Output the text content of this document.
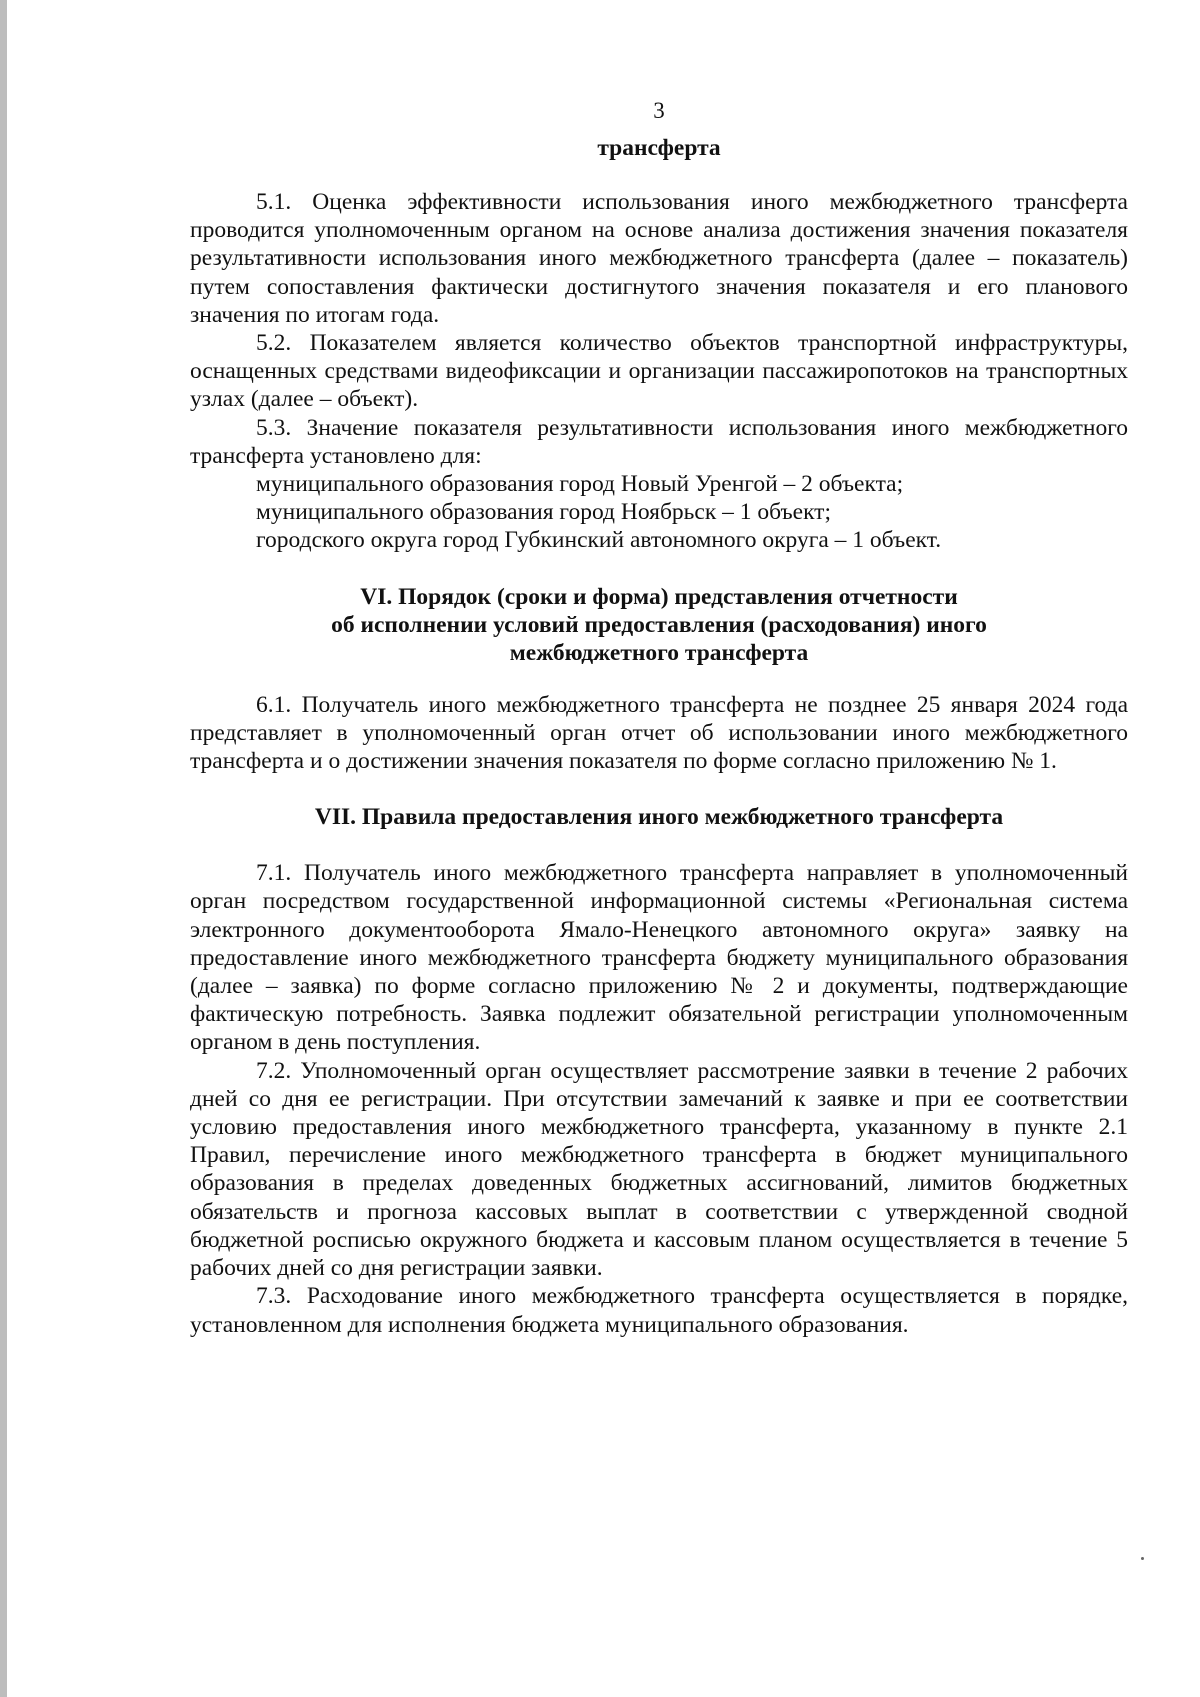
3
трансферта

5.1. Оценка эффективности использования иного межбюджетного трансферта проводится уполномоченным органом на основе анализа достижения значения показателя результативности использования иного межбюджетного трансферта (далее – показатель) путем сопоставления фактически достигнутого значения показателя и его планового значения по итогам года.

5.2. Показателем является количество объектов транспортной инфраструктуры, оснащенных средствами видеофиксации и организации пассажиропотоков на транспортных узлах (далее – объект).

5.3. Значение показателя результативности использования иного межбюджетного трансферта установлено для:

муниципального образования город Новый Уренгой – 2 объекта;

муниципального образования город Ноябрьск – 1 объект;

городского округа город Губкинский автономного округа – 1 объект.

VI. Порядок (сроки и форма) представления отчетности
об исполнении условий предоставления (расходования) иного
межбюджетного трансферта

6.1. Получатель иного межбюджетного трансферта не позднее 25 января 2024 года представляет в уполномоченный орган отчет об использовании иного межбюджетного трансферта и о достижении значения показателя по форме согласно приложению № 1.

VII. Правила предоставления иного межбюджетного трансферта

7.1. Получатель иного межбюджетного трансферта направляет в уполномоченный орган посредством государственной информационной системы «Региональная система электронного документооборота Ямало-Ненецкого автономного округа» заявку на предоставление иного межбюджетного трансферта бюджету муниципального образования (далее – заявка) по форме согласно приложению № 2 и документы, подтверждающие фактическую потребность. Заявка подлежит обязательной регистрации уполномоченным органом в день поступления.

7.2. Уполномоченный орган осуществляет рассмотрение заявки в течение 2 рабочих дней со дня ее регистрации. При отсутствии замечаний к заявке и при ее соответствии условию предоставления иного межбюджетного трансферта, указанному в пункте 2.1 Правил, перечисление иного межбюджетного трансферта в бюджет муниципального образования в пределах доведенных бюджетных ассигнований, лимитов бюджетных обязательств и прогноза кассовых выплат в соответствии с утвержденной сводной бюджетной росписью окружного бюджета и кассовым планом осуществляется в течение 5 рабочих дней со дня регистрации заявки.

7.3. Расходование иного межбюджетного трансферта осуществляется в порядке, установленном для исполнения бюджета муниципального образования.
